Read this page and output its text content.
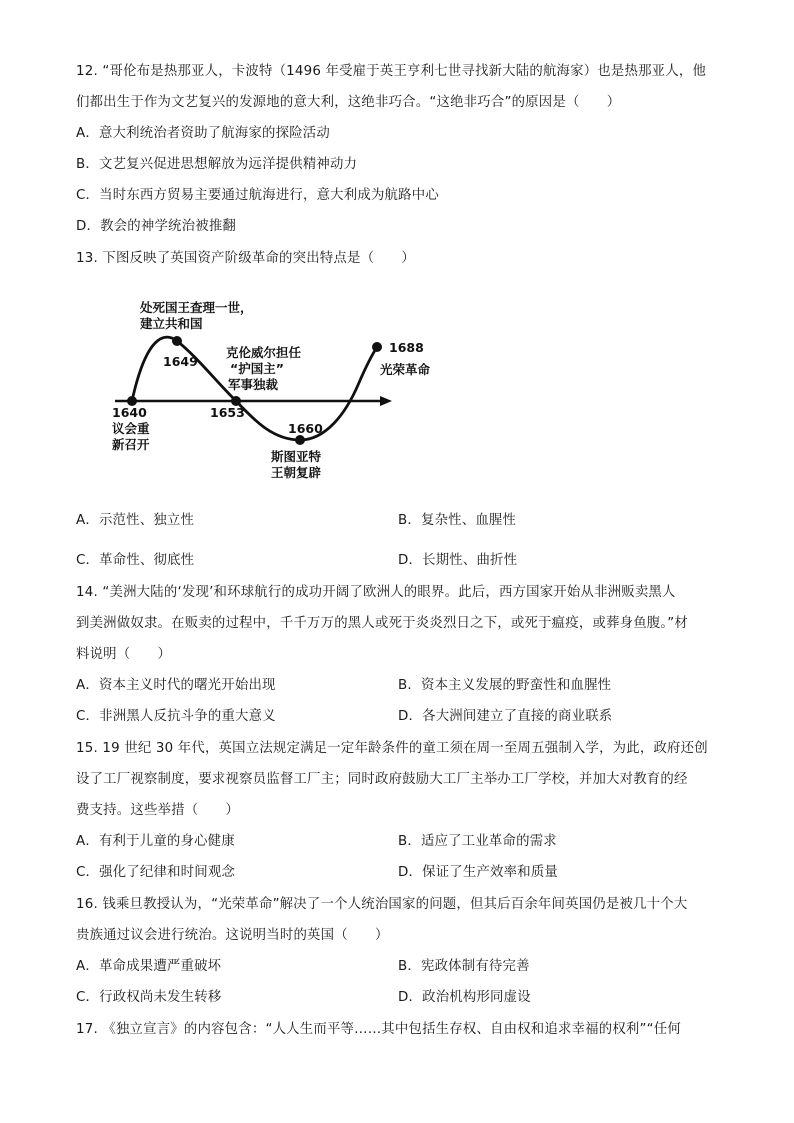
12. “哥伦布是热那亚人，卡波特（1496 年受雇于英王亨利七世寻找新大陆的航海家）也是热那亚人，他
们都出生于作为文艺复兴的发源地的意大利，这绝非巧合。“这绝非巧合”的原因是（　　）
A．意大利统治者资助了航海家的探险活动
B．文艺复兴促进思想解放为远洋提供精神动力
C．当时东西方贸易主要通过航海进行，意大利成为航路中心
D．教会的神学统治被推翻
13. 下图反映了英国资产阶级革命的突出特点是（　　）
处死国王查理一世，
建立共和国
1649
1640
议会重
新召开
克伦威尔担任
“护国主”
军事独裁
1653
1660
斯图亚特
王朝复辟
1688
光荣革命
A．示范性、独立性	B．复杂性、血腥性
C．革命性、彻底性	D．长期性、曲折性
14. “美洲大陆的‘发现’和环球航行的成功开阔了欧洲人的眼界。此后，西方国家开始从非洲贩卖黑人
到美洲做奴隶。在贩卖的过程中，千千万万的黑人或死于炎炎烈日之下，或死于瘟疫，或葬身鱼腹。”材
料说明（　　）
A．资本主义时代的曙光开始出现	B．资本主义发展的野蛮性和血腥性
C．非洲黑人反抗斗争的重大意义	D．各大洲间建立了直接的商业联系
15. 19 世纪 30 年代，英国立法规定满足一定年龄条件的童工须在周一至周五强制入学，为此，政府还创
设了工厂视察制度，要求视察员监督工厂主；同时政府鼓励大工厂主举办工厂学校，并加大对教育的经
费支持。这些举措（　　）
A．有利于儿童的身心健康	B．适应了工业革命的需求
C．强化了纪律和时间观念	D．保证了生产效率和质量
16. 钱乘旦教授认为，“光荣革命”解决了一个人统治国家的问题，但其后百余年间英国仍是被几十个大
贵族通过议会进行统治。这说明当时的英国（　　）
A．革命成果遭严重破坏	B．宪政体制有待完善
C．行政权尚未发生转移	D．政治机构形同虚设
17. 《独立宣言》的内容包含：“人人生而平等……其中包括生存权、自由权和追求幸福的权利”“任何
